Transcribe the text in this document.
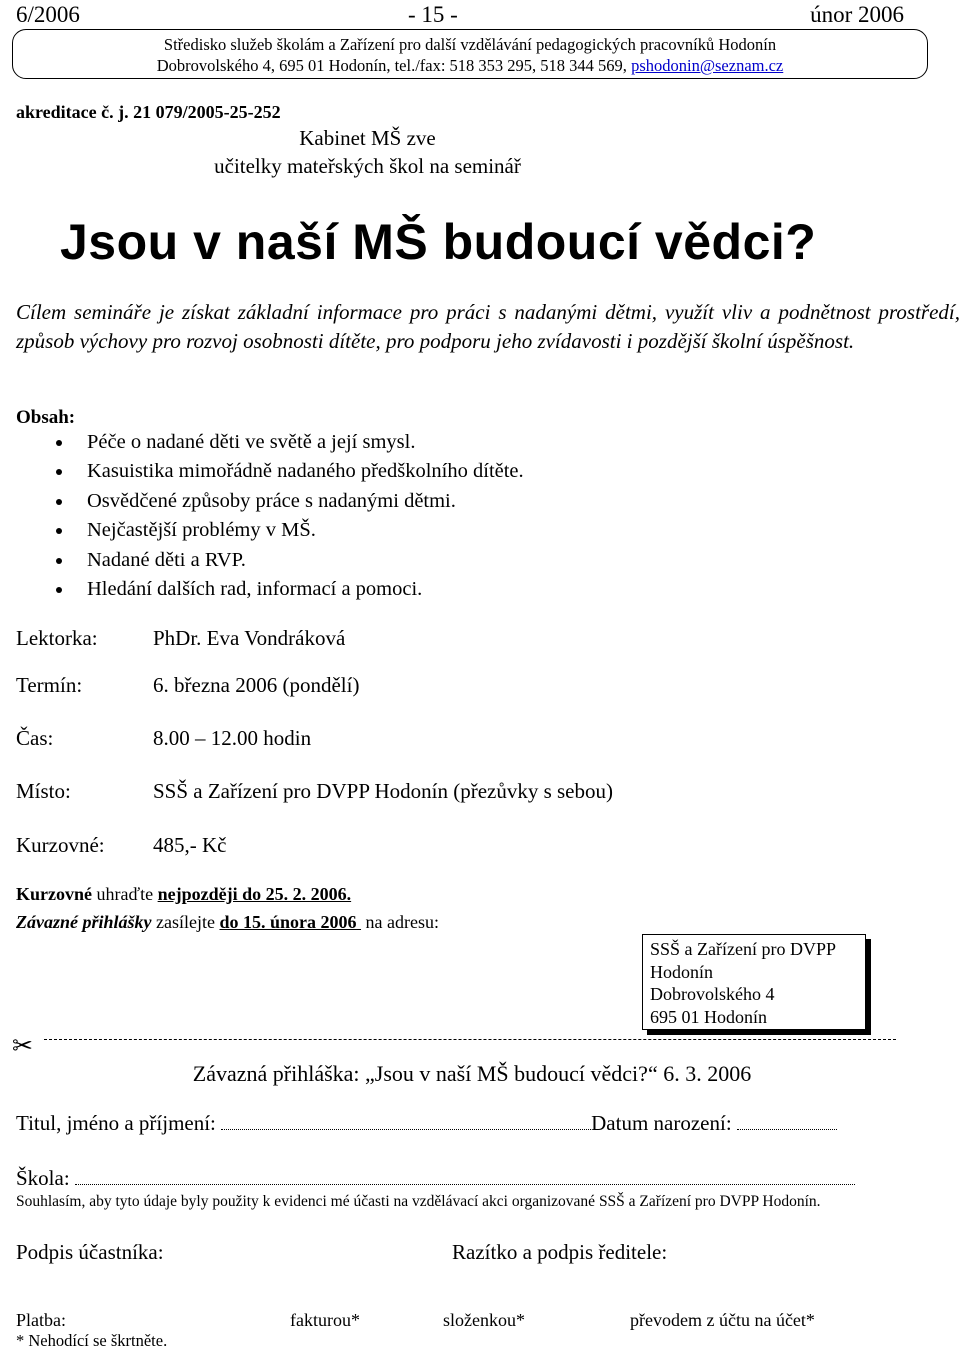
6/2006	- 15 -	únor 2006
Středisko služeb školám a Zařízení pro další vzdělávání pedagogických pracovníků Hodonín
Dobrovolského 4, 695 01 Hodonín, tel./fax: 518 353 295, 518 344 569, pshodonin@seznam.cz
akreditace č. j. 21 079/2005-25-252
Kabinet MŠ zve
učitelky mateřských škol na seminář
Jsou v naší MŠ budoucí vědci?
Cílem semináře je získat základní informace pro práci s nadanými dětmi, využít vliv a podnětnost prostředí, způsob výchovy pro rozvoj osobnosti dítěte, pro podporu jeho zvídavosti i pozdější školní úspěšnost.
Obsah:
Péče o nadané děti ve světě a její smysl.
Kasuistika mimořádně nadaného předškolního dítěte.
Osvědčené způsoby práce s nadanými dětmi.
Nejčastější problémy v MŠ.
Nadané děti a RVP.
Hledání dalších rad, informací a pomoci.
Lektorka:	PhDr. Eva Vondráková
Termín:	6. března 2006 (pondělí)
Čas:	8.00 – 12.00 hodin
Místo:	SSŠ a Zařízení pro DVPP Hodonín (přezůvky s sebou)
Kurzovné: 485,- Kč
Kurzovné uhraďte nejpozději do 25. 2. 2006.
Závazné přihlášky zasílejte do 15. února 2006  na adresu:
SSŠ a Zařízení pro DVPP
Hodonín
Dobrovolského 4
695 01 Hodonín
✂
Závazná přihláška: „Jsou v naší MŠ budoucí vědci?“ 6. 3. 2006
Titul, jméno a příjmení:	Datum narození:
Škola:
Souhlasím, aby tyto údaje byly použity k evidenci mé účasti na vzdělávací akci organizované SSŠ a Zařízení pro DVPP Hodonín.
Podpis účastníka:	Razítko a podpis ředitele:
Platba:	fakturou*	složenkou*	převodem z účtu na účet*
* Nehodící se škrtněte.
